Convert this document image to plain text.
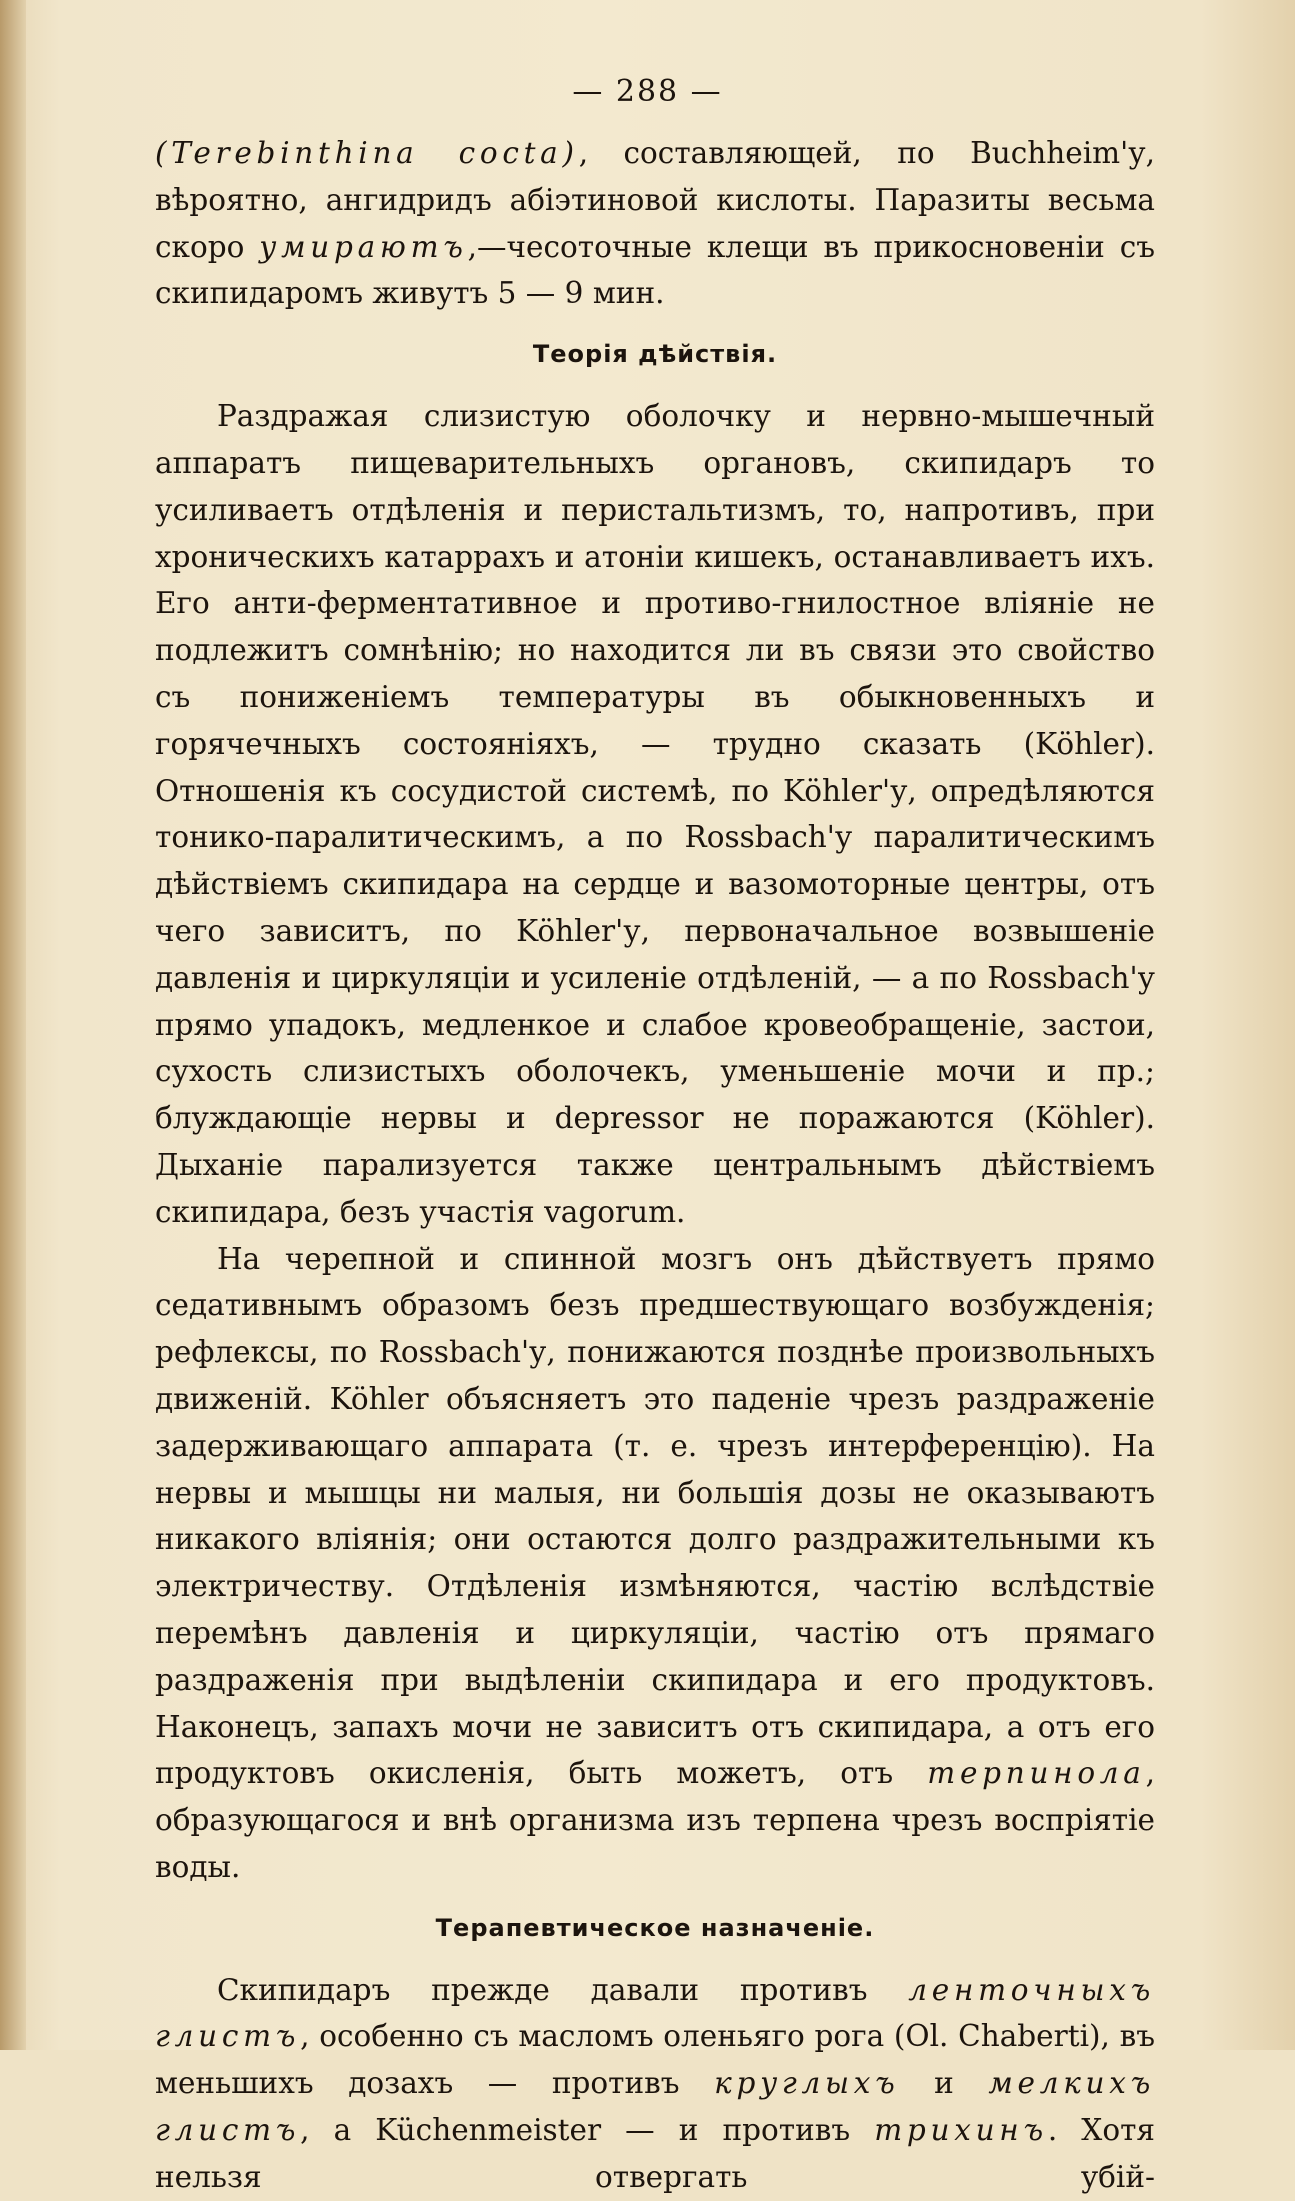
— 288 —

(Terebinthina cocta), составляющей, по Buchheim'у, вѣроятно, ангидридъ абіэтиновой кислоты. Паразиты весьма скоро умираютъ,—чесоточные клещи въ прикосновеніи съ скипидаромъ живутъ 5 — 9 мин.

Теорія дѣйствія.

Раздражая слизистую оболочку и нервно-мышечный аппаратъ пищеварительныхъ органовъ, скипидаръ то усиливаетъ отдѣленія и перистальтизмъ, то, напротивъ, при хроническихъ катаррахъ и атоніи кишекъ, останавливаетъ ихъ. Его анти-ферментативное и противо-гнилостное вліяніе не подлежитъ сомнѣнію; но находится ли въ связи это свойство съ пониженіемъ температуры въ обыкновенныхъ и горячечныхъ состояніяхъ, — трудно сказать (Köhler). Отношенія къ сосудистой системѣ, по Köhler'у, опредѣляются тонико-паралитическимъ, а по Rossbach'у паралитическимъ дѣйствіемъ скипидара на сердце и вазомоторные центры, отъ чего зависитъ, по Köhler'у, первоначальное возвышеніе давленія и циркуляціи и усиленіе отдѣленій, — а по Rossbach'у прямо упадокъ, медленкое и слабое кровеобращеніе, застои, сухость слизистыхъ оболочекъ, уменьшеніе мочи и пр.; блуждающіе нервы и depressor не поражаются (Köhler). Дыханіе парализуется также центральнымъ дѣйствіемъ скипидара, безъ участія vagorum.

На черепной и спинной мозгъ онъ дѣйствуетъ прямо седативнымъ образомъ безъ предшествующаго возбужденія; рефлексы, по Rossbach'у, понижаются позднѣе произвольныхъ движеній. Köhler объясняетъ это паденіе чрезъ раздраженіе задерживающаго аппарата (т. е. чрезъ интерференцію). На нервы и мышцы ни малыя, ни большія дозы не оказываютъ никакого вліянія; они остаются долго раздражительными къ электричеству. Отдѣленія измѣняются, частію вслѣдствіе перемѣнъ давленія и циркуляціи, частію отъ прямаго раздраженія при выдѣленіи скипидара и его продуктовъ. Наконецъ, запахъ мочи не зависитъ отъ скипидара, а отъ его продуктовъ окисленія, быть можетъ, отъ терпинола, образующагося и внѣ организма изъ терпена чрезъ воспріятіе воды.

Терапевтическое назначеніе.

Скипидаръ прежде давали противъ ленточныхъ глистъ, особенно съ масломъ оленьяго рога (Ol. Chaberti), въ меньшихъ дозахъ — противъ круглыхъ и мелкихъ глистъ, а Küchenmeister — и противъ трихинъ. Хотя нельзя отвергать убій-
